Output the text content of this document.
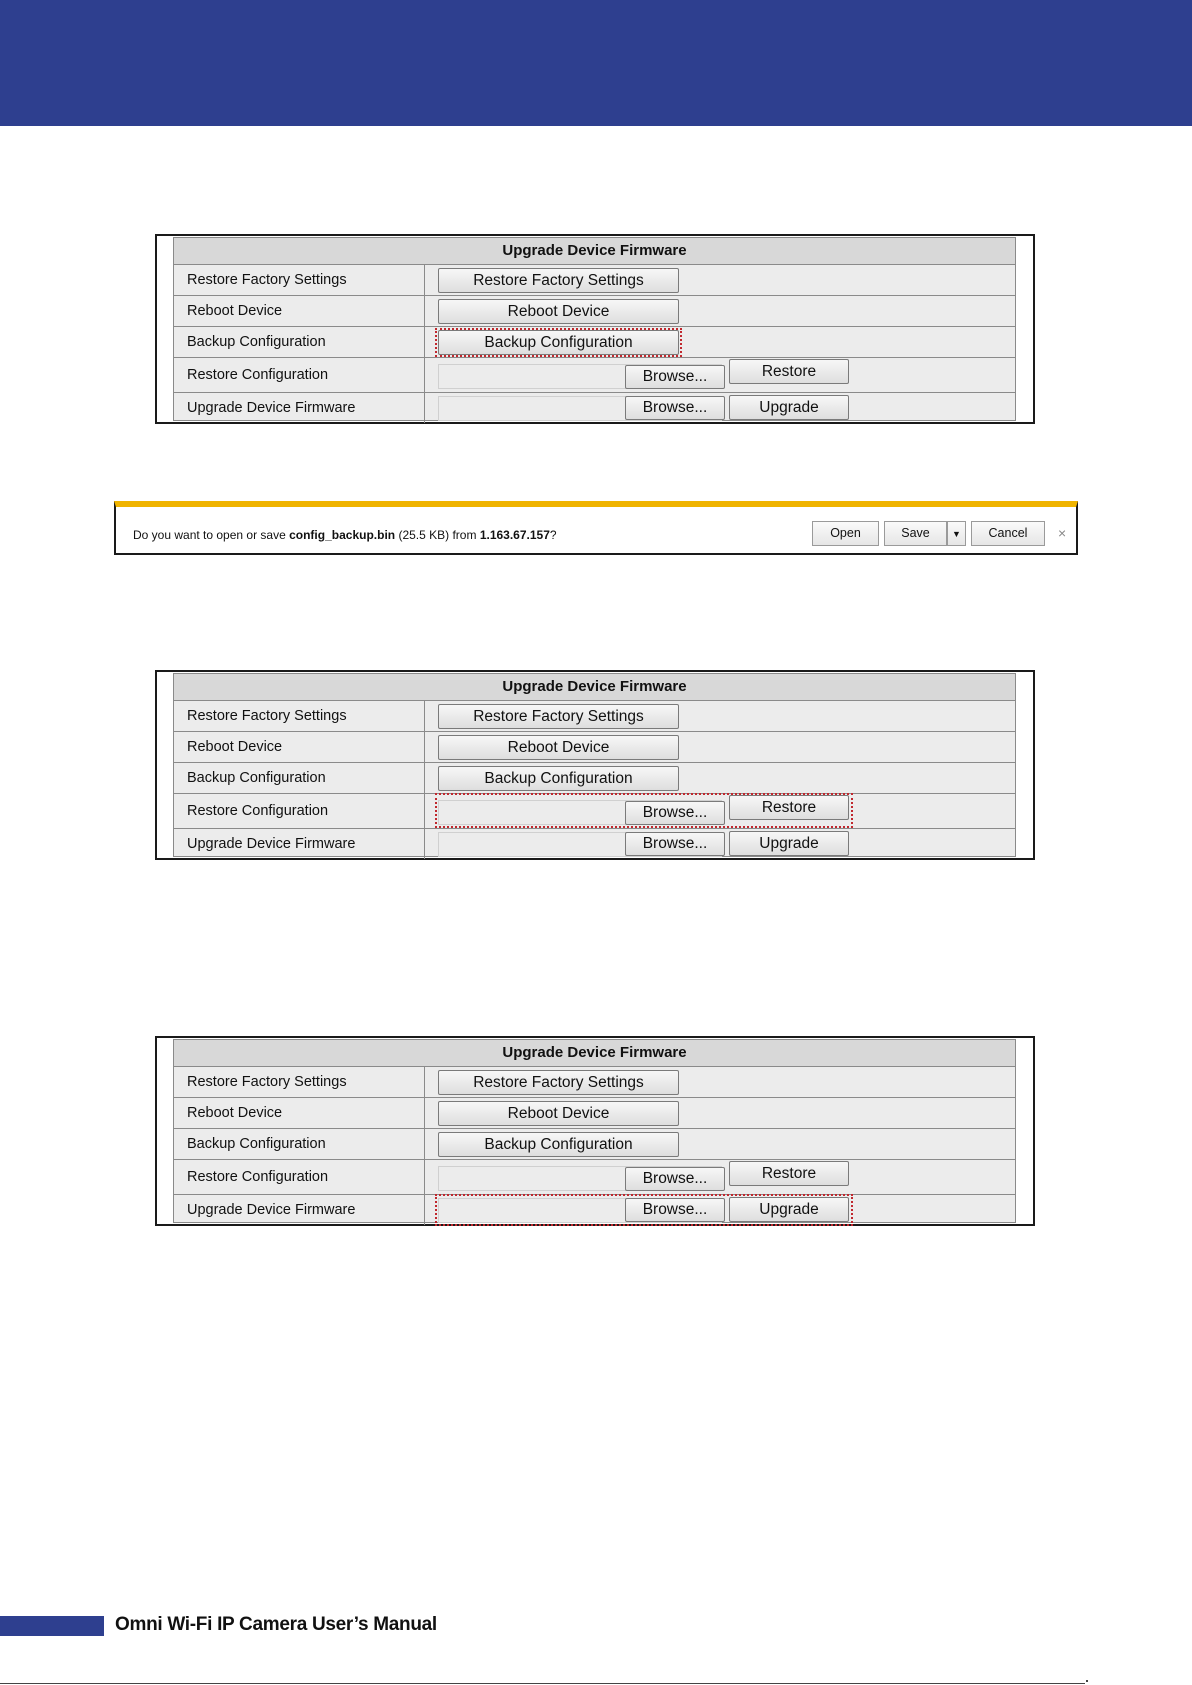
Upgrade Device Firmware
Restore Factory Settings	Restore Factory Settings
Reboot Device	Reboot Device
Backup Configuration	Backup Configuration
Restore Configuration	Browse...	Restore
Upgrade Device Firmware	Browse...	Upgrade
Do you want to open or save config_backup.bin (25.5 KB) from 1.163.67.157?	Open	Save	▼	Cancel	×
Upgrade Device Firmware
Restore Factory Settings	Restore Factory Settings
Reboot Device	Reboot Device
Backup Configuration	Backup Configuration
Restore Configuration	Browse...	Restore
Upgrade Device Firmware	Browse...	Upgrade
Upgrade Device Firmware
Restore Factory Settings	Restore Factory Settings
Reboot Device	Reboot Device
Backup Configuration	Backup Configuration
Restore Configuration	Browse...	Restore
Upgrade Device Firmware	Browse...	Upgrade
Omni Wi-Fi IP Camera User’s Manual
